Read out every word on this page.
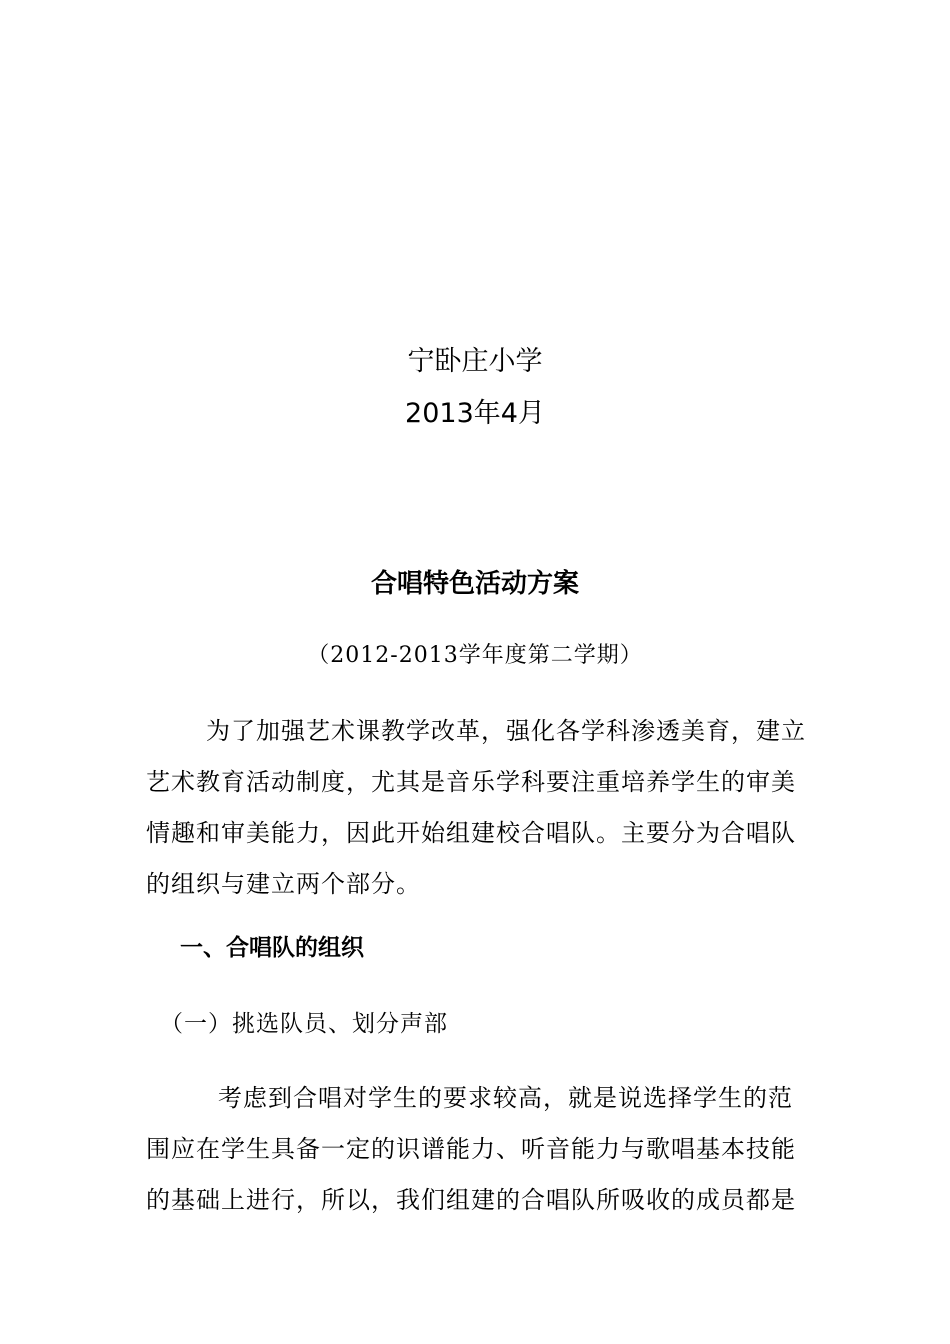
宁卧庄小学
2013年4月
合唱特色活动方案
（2012-2013学年度第二学期）
为了加强艺术课教学改革，强化各学科渗透美育，建立
艺术教育活动制度，尤其是音乐学科要注重培养学生的审美
情趣和审美能力，因此开始组建校合唱队。主要分为合唱队
的组织与建立两个部分。
一、合唱队的组织
（一）挑选队员、划分声部
考虑到合唱对学生的要求较高，就是说选择学生的范
围应在学生具备一定的识谱能力、听音能力与歌唱基本技能
的基础上进行，所以，我们组建的合唱队所吸收的成员都是
